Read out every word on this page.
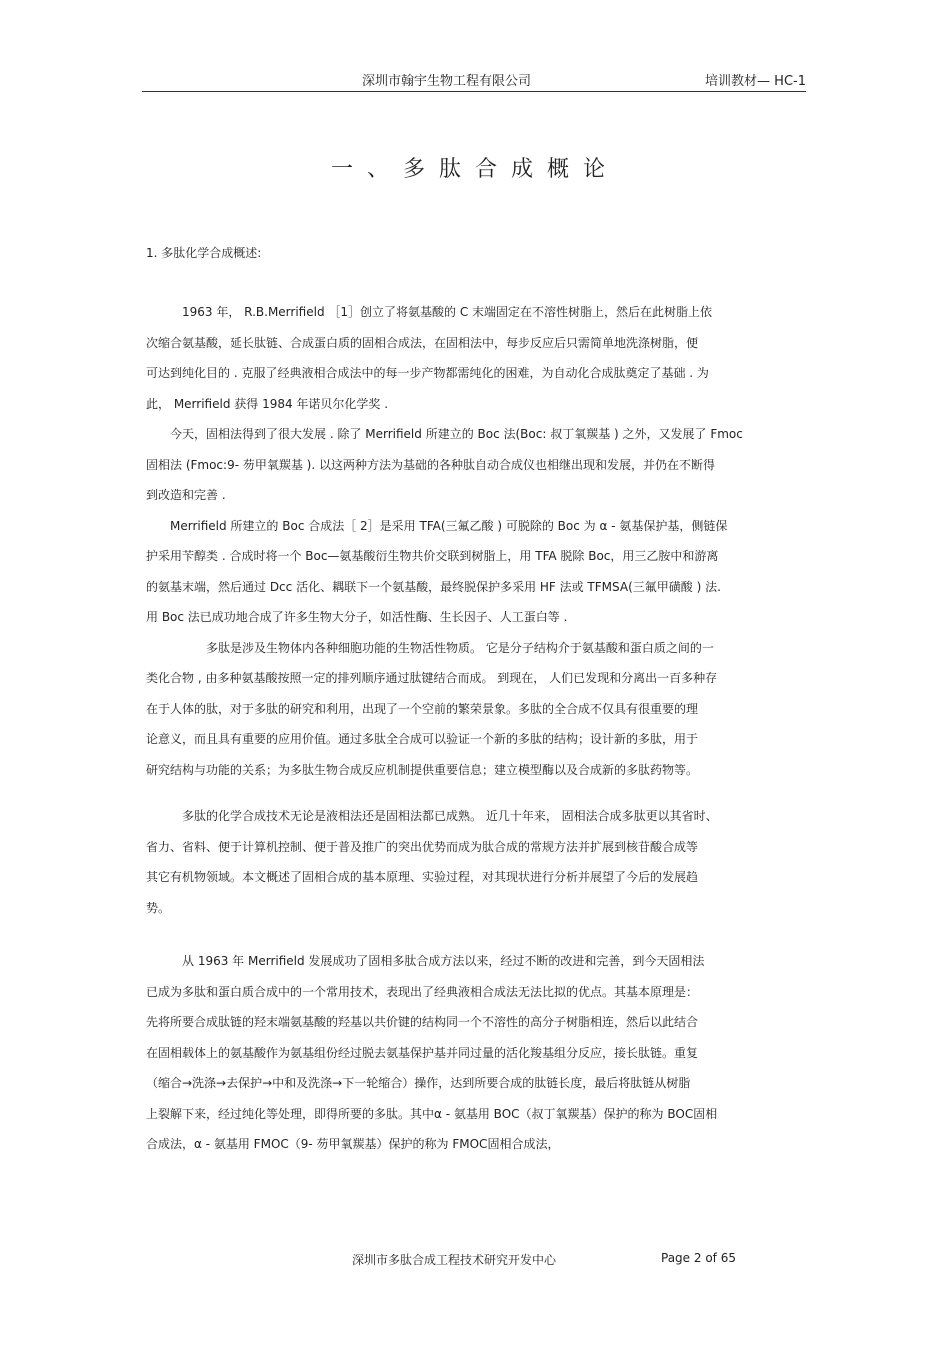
深圳市翰宇生物工程有限公司	培训教材— HC-1
一、多肽合成概论
1. 多肽化学合成概述:
　　　1963 年， R.B.Merrifield ［1］创立了将氨基酸的 C 末端固定在不溶性树脂上，然后在此树脂上依
次缩合氨基酸，延长肽链、合成蛋白质的固相合成法，在固相法中，每步反应后只需简单地洗涤树脂，便
可达到纯化目的 . 克服了经典液相合成法中的每一步产物都需纯化的困难，为自动化合成肽奠定了基础 . 为
此， Merrifield 获得 1984 年诺贝尔化学奖 .
　　今天，固相法得到了很大发展 . 除了 Merrifield 所建立的 Boc 法(Boc: 叔丁氧羰基 ) 之外，又发展了 Fmoc
固相法 (Fmoc:9- 芴甲氧羰基 ). 以这两种方法为基础的各种肽自动合成仪也相继出现和发展，并仍在不断得
到改造和完善 .
　　Merrifield 所建立的 Boc 合成法［ 2］是采用 TFA(三氟乙酸 ) 可脱除的 Boc 为 α - 氨基保护基，侧链保
护采用苄醇类 . 合成时将一个 Boc—氨基酸衍生物共价交联到树脂上，用 TFA 脱除 Boc，用三乙胺中和游离
的氨基末端，然后通过 Dcc 活化、耦联下一个氨基酸，最终脱保护多采用 HF 法或 TFMSA(三氟甲磺酸 ) 法.
用 Boc 法已成功地合成了许多生物大分子，如活性酶、生长因子、人工蛋白等 .
　　　　　多肽是涉及生物体内各种细胞功能的生物活性物质。 它是分子结构介于氨基酸和蛋白质之间的一
类化合物 , 由多种氨基酸按照一定的排列顺序通过肽键结合而成。 到现在， 人们已发现和分离出一百多种存
在于人体的肽，对于多肽的研究和利用，出现了一个空前的繁荣景象。多肽的全合成不仅具有很重要的理
论意义，而且具有重要的应用价值。通过多肽全合成可以验证一个新的多肽的结构；设计新的多肽，用于
研究结构与功能的关系；为多肽生物合成反应机制提供重要信息；建立模型酶以及合成新的多肽药物等。
　　　多肽的化学合成技术无论是液相法还是固相法都已成熟。 近几十年来， 固相法合成多肽更以其省时、
省力、省料、便于计算机控制、便于普及推广的突出优势而成为肽合成的常规方法并扩展到核苷酸合成等
其它有机物领域。本文概述了固相合成的基本原理、实验过程，对其现状进行分析并展望了今后的发展趋
势。
　　　从 1963 年 Merrifield 发展成功了固相多肽合成方法以来，经过不断的改进和完善，到今天固相法
已成为多肽和蛋白质合成中的一个常用技术，表现出了经典液相合成法无法比拟的优点。其基本原理是：
先将所要合成肽链的羟末端氨基酸的羟基以共价键的结构同一个不溶性的高分子树脂相连，然后以此结合
在固相载体上的氨基酸作为氨基组份经过脱去氨基保护基并同过量的活化羧基组分反应，接长肽链。重复
（缩合→洗涤→去保护→中和及洗涤→下一轮缩合）操作，达到所要合成的肽链长度，最后将肽链从树脂
上裂解下来，经过纯化等处理，即得所要的多肽。其中α - 氨基用 BOC（叔丁氧羰基）保护的称为 BOC固相
合成法，α - 氨基用 FMOC（9- 芴甲氧羰基）保护的称为 FMOC固相合成法，
深圳市多肽合成工程技术研究开发中心	Page 2 of 65
